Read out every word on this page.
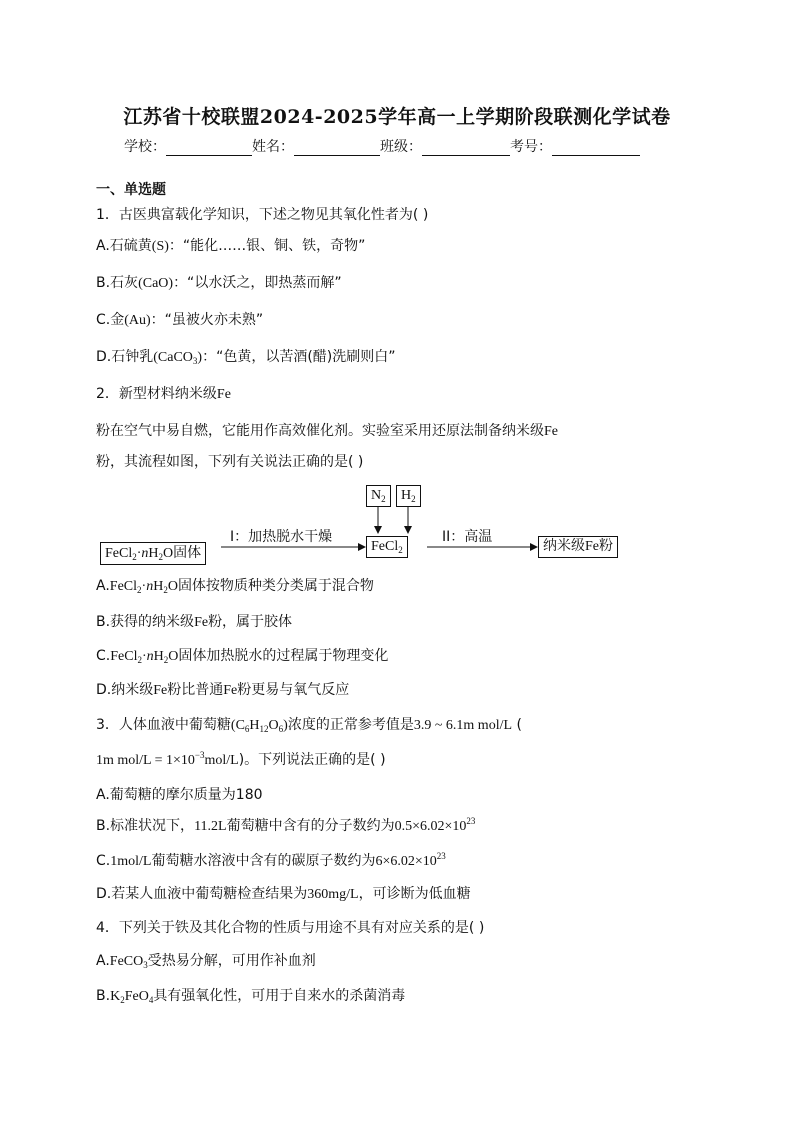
江苏省十校联盟2024-2025学年高一上学期阶段联测化学试卷
学校：	姓名：	班级：	考号：
一、单选题
1．古医典富载化学知识，下述之物见其氧化性者为( )
A.石硫黄(S)：“能化……银、铜、铁，奇物”
B.石灰(CaO)：“以水沃之，即热蒸而解”
C.金(Au)：“虽被火亦未熟”
D.石钟乳(CaCO$_3$)：“色黄，以苦酒(醋)洗刷则白”
2．新型材料纳米级Fe
粉在空气中易自燃，它能用作高效催化剂。实验室采用还原法制备纳米级Fe
粉，其流程如图，下列有关说法正确的是( )
$FeCl_2\cdot nH_2O$固体
I：加热脱水干燥
FeCl$_2$
$N_2$	$H_2$
II：高温
纳米级Fe粉
$A.FeCl_2\cdot nH_2O$固体按物质种类分类属于混合物
B.获得的纳米级Fe粉，属于胶体
$C.FeCl_2\cdot nH_2O$固体加热脱水的过程属于物理变化
D.纳米级Fe粉比普通Fe粉更易与氧气反应
3．人体血液中葡萄糖$(C_6H_{12}O_6)$浓度的正常参考值是3.9 ~ 6.1m mol/L (
1m $mol/L = 1\times 10^{-3}mol/L$)。下列说法正确的是( )
A.葡萄糖的摩尔质量为180
B.标准状况下，11.2L葡萄糖中含有的分子数约为$0.5\times 6.02\times 10^{23}$
C.1mol/L葡萄糖水溶液中含有的碳原子数约为$6\times 6.02\times 10^{23}$
D.若某人血液中葡萄糖检查结果为360mg/L，可诊断为低血糖
4．下列关于铁及其化合物的性质与用途不具有对应关系的是( )
A.FeCO$_3$受热易分解，可用作补血剂
$B.K_2FeO_4$具有强氧化性，可用于自来水的杀菌消毒
